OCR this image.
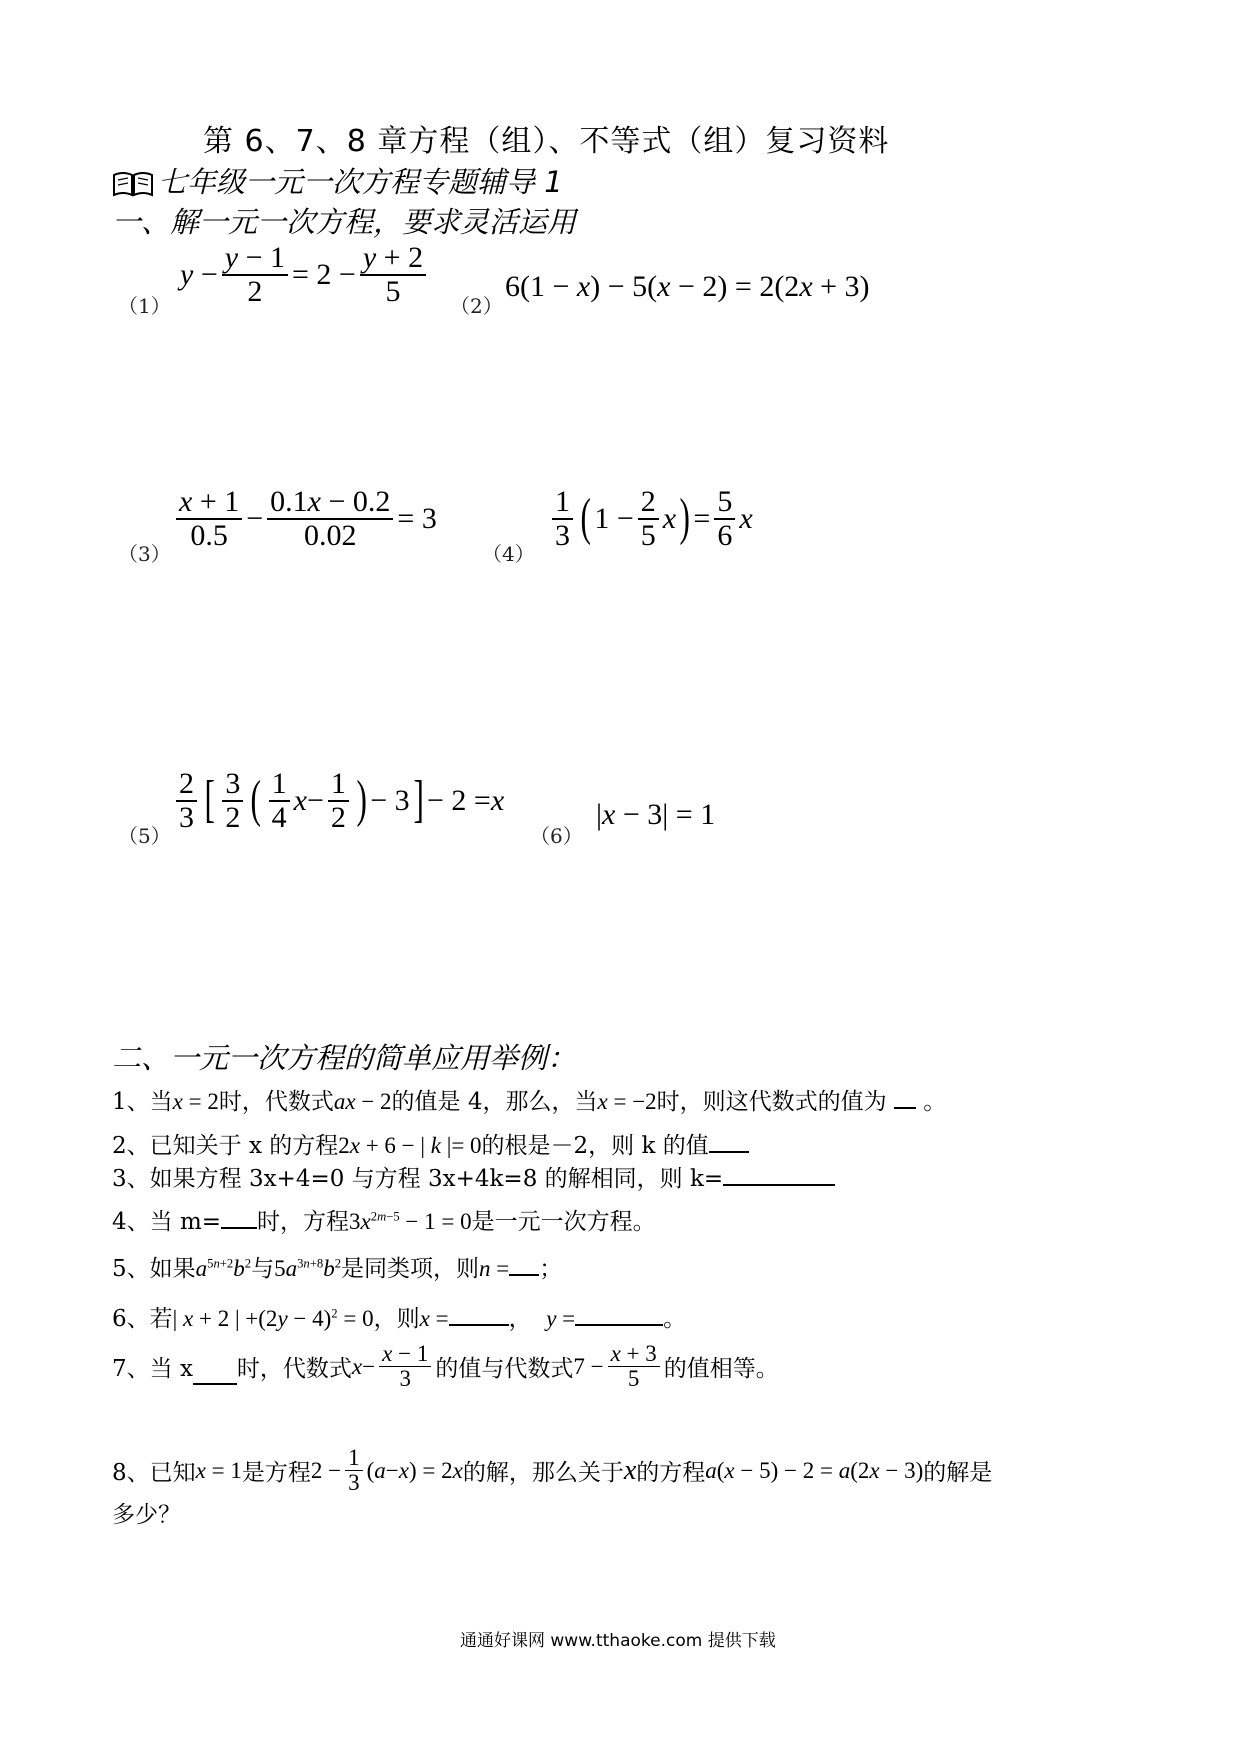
第 6、7、8 章方程（组）、不等式（组）复习资料
七年级一元一次方程专题辅导 1
一、解一元一次方程，要求灵活运用
（1）
$y - \frac{y - 1}{2} = 2 - \frac{y + 2}{5} (2)$
6(1 − x) − 5(x − 2) = 2(2x + 3)
（3）
$\frac{x + 1}{0.5} - \frac{0.1x - 0.2}{0.02} = 3$
（4）
$\frac{1}{3}$ ( $1 - \frac{2}{5}$ x ) = $\frac{5}{6}$ x
（5）
$\frac{2}{3}$ [ $\frac{3}{2}$ ( $\frac{1}{4}$ $x - \frac{1}{2}$ ) − 3 ] − 2 = x
（6）
|x − 3| = 1
二、一元一次方程的简单应用举例：
1、当x = 2时，代数式ax − 2的值是 4，那么，当x = −2时，则这代数式的值为 。
2、已知关于 x 的方程2x + 6 − | k |= 0的根是－2，则 k 的值
3、如果方程 3x+4=0 与方程 3x+4k=8 的解相同，则 k=
4、当 m= 时，方程$3x^{2m-5} - 1 = 0$是一元一次方程。
5、如果$a^{5n+2}b^2$与$5a^{3n+8}b^2$是同类项，则n = ；
6、若| x + 2 | $+(2y - 4)^2 = 0$，则x =	， y =	。
7、当 x 时，代数式 $x - \frac{x - 1}{3}$ 的值与代数式 $7 - \frac{x + 3}{5}$ 的值相等。
8、已知 x = 1 是方程 $2 - \frac{1}{3}$ ( a − x ) = 2 x 的解，那么关于 x 的方程 a(x − 5) − 2 = a(2x − 3) 的解是
多少？
通通好课网 www.tthaoke.com 提供下载
